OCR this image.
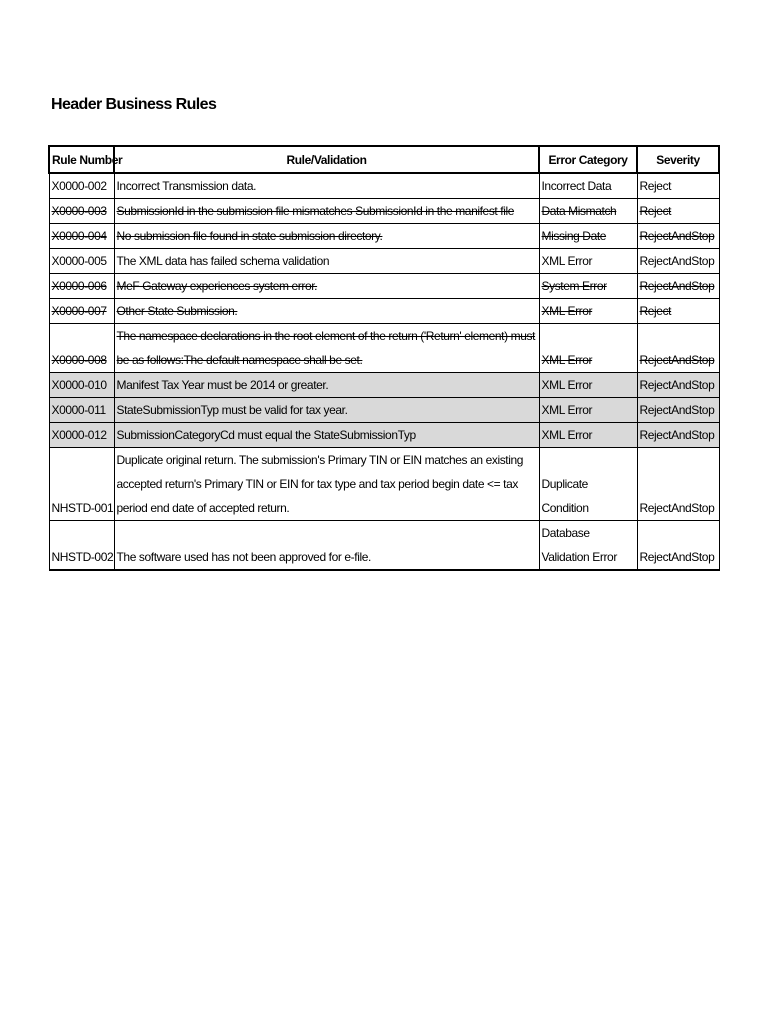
Header Business Rules
Rule Number	Rule/Validation	Error Category	Severity
X0000-002	Incorrect Transmission data.	Incorrect Data	Reject
X0000-003	SubmissionId in the submission file mismatches SubmissionId in the manifest file	Data Mismatch	Reject
X0000-004	No submission file found in state submission directory.	Missing Date	RejectAndStop
X0000-005	The XML data has failed schema validation	XML Error	RejectAndStop
X0000-006	MeF Gateway experiences system error.	System Error	RejectAndStop
X0000-007	Other State Submission.	XML Error	Reject
X0000-008	The namespace declarations in the root element of the return ('Return' element) must be as follows:The default namespace shall be set.	XML Error	RejectAndStop
X0000-010	Manifest Tax Year must be 2014 or greater.	XML Error	RejectAndStop
X0000-011	StateSubmissionTyp must be valid for tax year.	XML Error	RejectAndStop
X0000-012	SubmissionCategoryCd must equal the StateSubmissionTyp	XML Error	RejectAndStop
NHSTD-001	Duplicate original return. The submission's Primary TIN or EIN matches an existing accepted return's Primary TIN or EIN for tax type and tax period begin date <= tax period end date of accepted return.	Duplicate Condition	RejectAndStop
NHSTD-002	The software used has not been approved for e-file.	Database Validation Error	RejectAndStop
